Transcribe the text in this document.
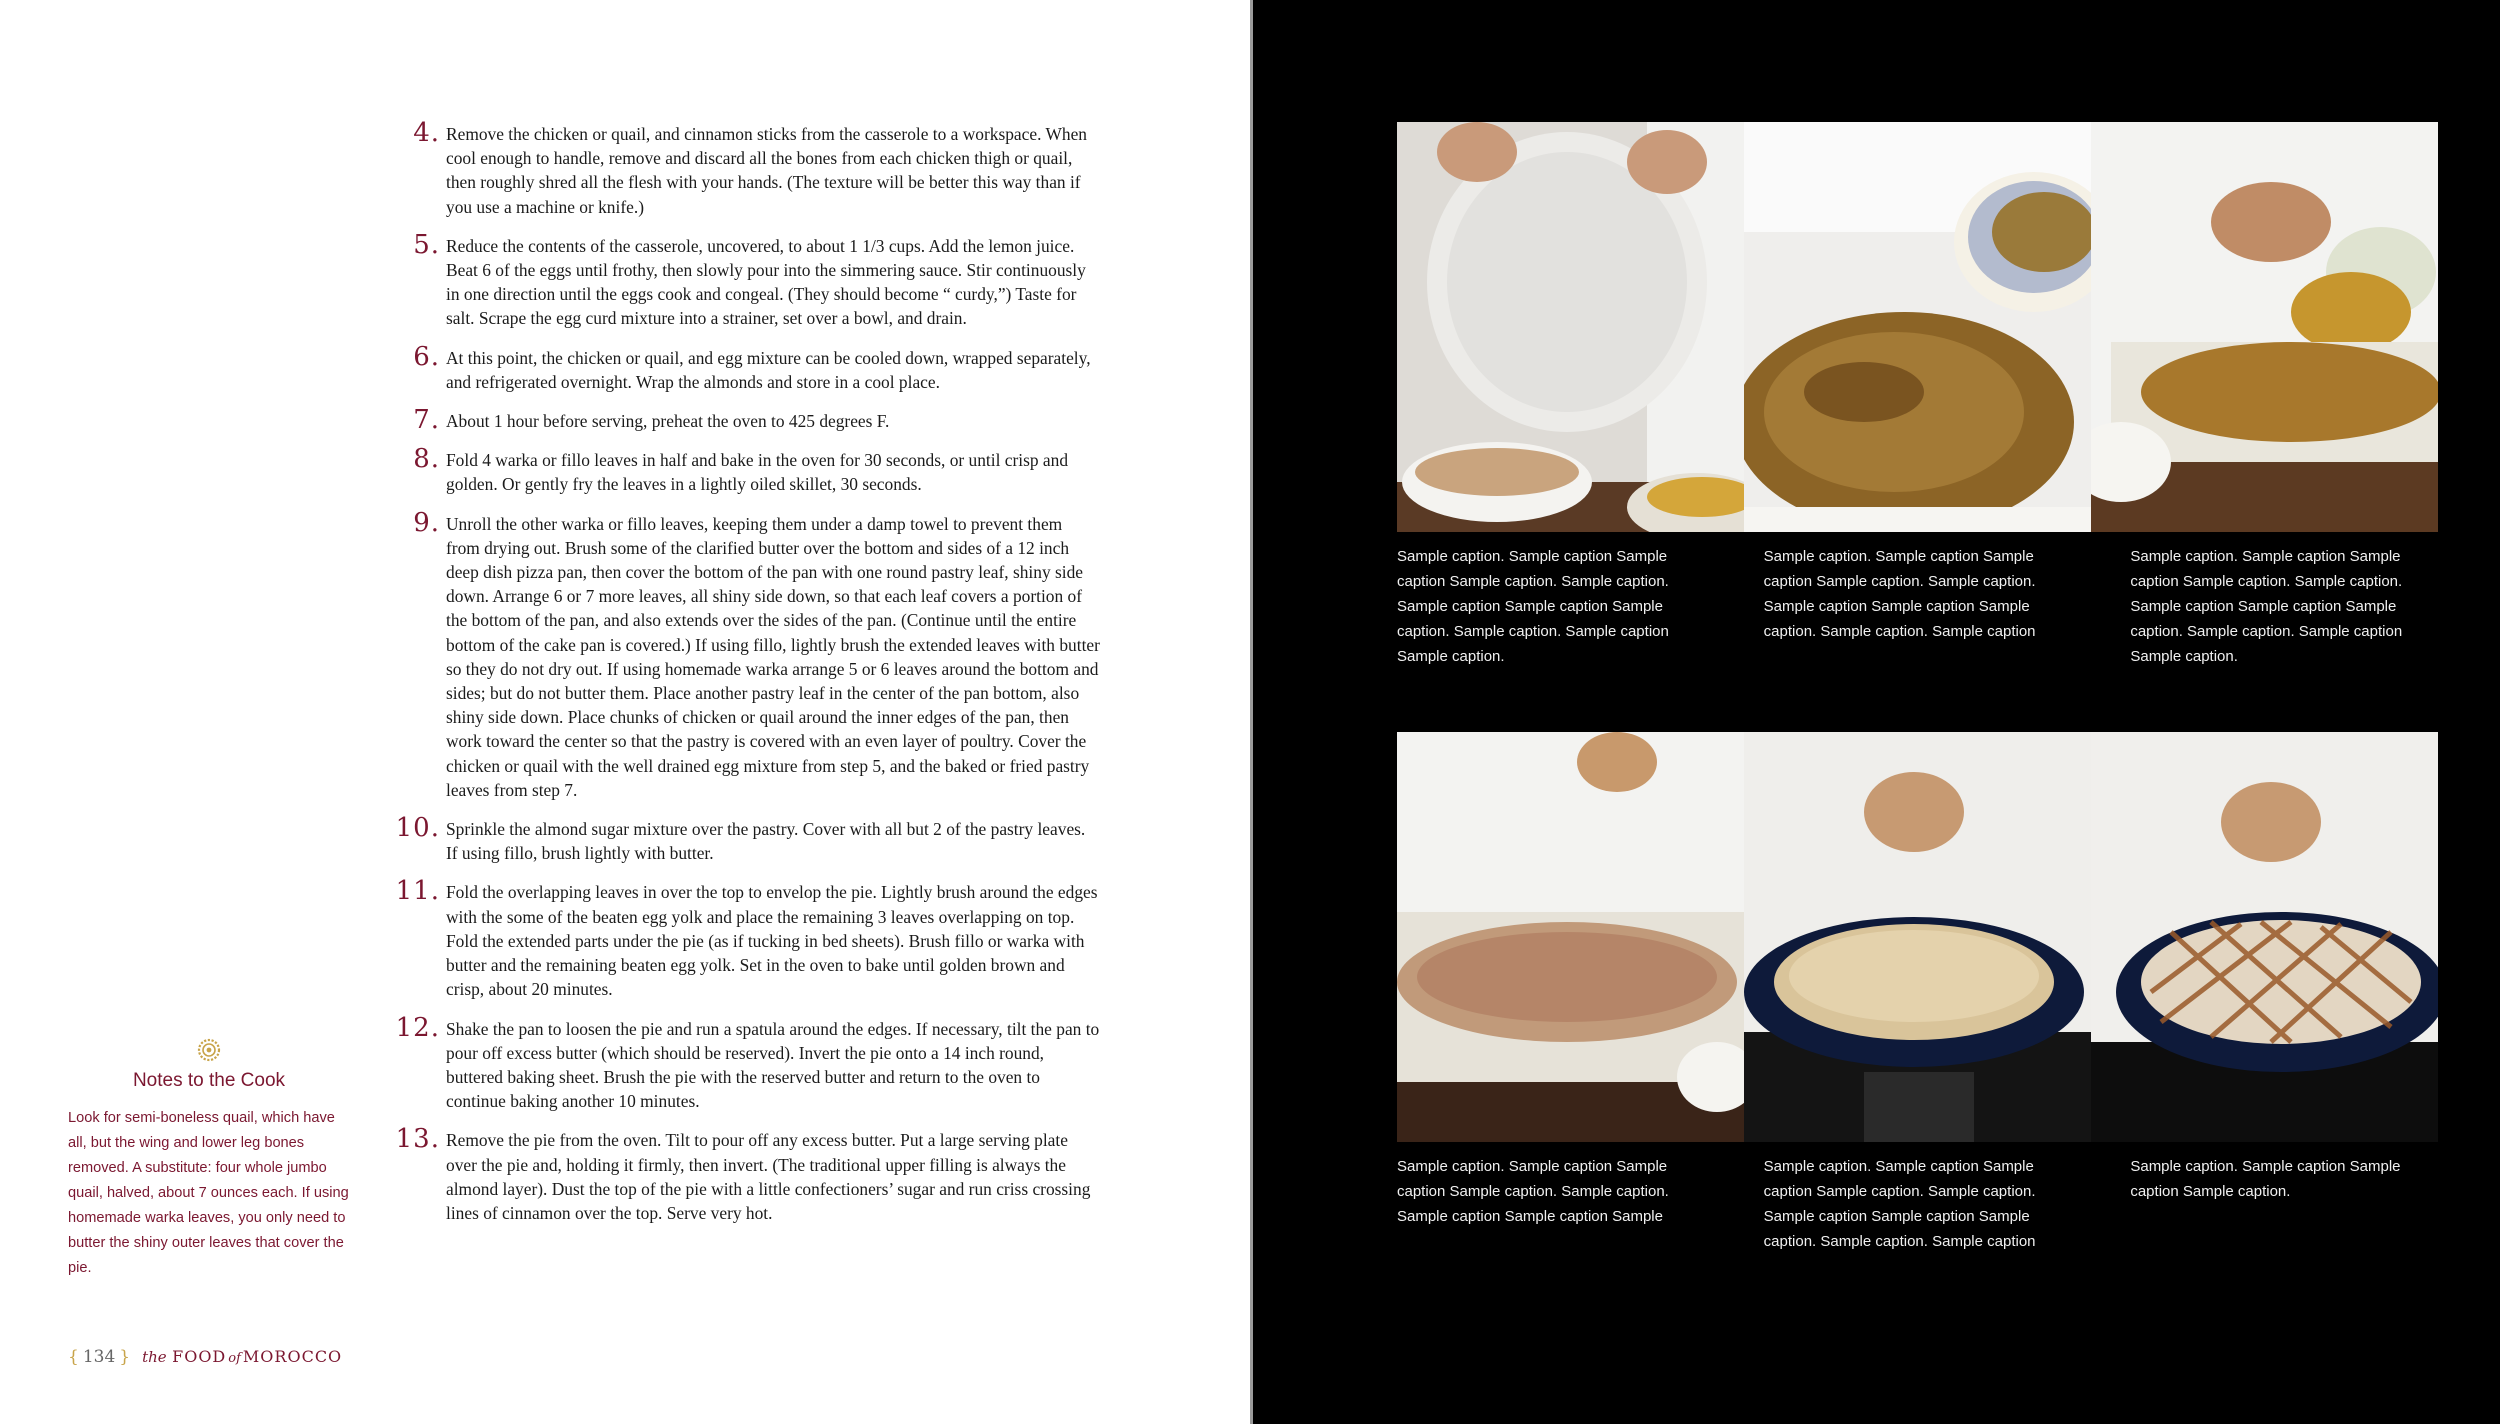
4. Remove the chicken or quail, and cinnamon sticks from the casserole to a workspace. When cool enough to handle, remove and discard all the bones from each chicken thigh or quail, then roughly shred all the flesh with your hands. (The texture will be better this way than if you use a machine or knife.)
5. Reduce the contents of the casserole, uncovered, to about 1 1/3 cups. Add the lemon juice. Beat 6 of the eggs until frothy, then slowly pour into the simmering sauce. Stir continuously in one direction until the eggs cook and congeal. (They should become “ curdy,”) Taste for salt. Scrape the egg curd mixture into a strainer, set over a bowl, and drain.
6. At this point, the chicken or quail, and egg mixture can be cooled down, wrapped separately, and refrigerated overnight. Wrap the almonds and store in a cool place.
7. About 1 hour before serving, preheat the oven to 425 degrees F.
8. Fold 4 warka or fillo leaves in half and bake in the oven for 30 seconds, or until crisp and golden. Or gently fry the leaves in a lightly oiled skillet, 30 seconds.
9. Unroll the other warka or fillo leaves, keeping them under a damp towel to prevent them from drying out. Brush some of the clarified butter over the bottom and sides of a 12 inch deep dish pizza pan, then cover the bottom of the pan with one round pastry leaf, shiny side down. Arrange 6 or 7 more leaves, all shiny side down, so that each leaf covers a portion of the bottom of the pan, and also extends over the sides of the pan. (Continue until the entire bottom of the cake pan is covered.) If using fillo, lightly brush the extended leaves with butter so they do not dry out. If using homemade warka arrange 5 or 6 leaves around the bottom and sides; but do not butter them. Place another pastry leaf in the center of the pan bottom, also shiny side down. Place chunks of chicken or quail around the inner edges of the pan, then work toward the center so that the pastry is covered with an even layer of poultry. Cover the chicken or quail with the well drained egg mixture from step 5, and the baked or fried pastry leaves from step 7.
10. Sprinkle the almond sugar mixture over the pastry. Cover with all but 2 of the pastry leaves. If using fillo, brush lightly with butter.
11. Fold the overlapping leaves in over the top to envelop the pie. Lightly brush around the edges with the some of the beaten egg yolk and place the remaining 3 leaves overlapping on top. Fold the extended parts under the pie (as if tucking in bed sheets). Brush fillo or warka with butter and the remaining beaten egg yolk. Set in the oven to bake until golden brown and crisp, about 20 minutes.
12. Shake the pan to loosen the pie and run a spatula around the edges. If necessary, tilt the pan to pour off excess butter (which should be reserved). Invert the pie onto a 14 inch round, buttered baking sheet. Brush the pie with the reserved butter and return to the oven to continue baking another 10 minutes.
13. Remove the pie from the oven. Tilt to pour off any excess butter. Put a large serving plate over the pie and, holding it firmly, then invert. (The traditional upper filling is always the almond layer). Dust the top of the pie with a little confectioners’ sugar and run criss crossing lines of cinnamon over the top. Serve very hot.
Notes to the Cook
Look for semi-boneless quail, which have all, but the wing and lower leg bones removed. A substitute: four whole jumbo quail, halved, about 7 ounces each. If using homemade warka leaves, you only need to butter the shiny outer leaves that cover the pie.
{ 134 } the FOOD of MOROCCO
Sample caption. Sample caption Sample caption Sample caption. Sample caption. Sample caption Sample caption Sample caption. Sample caption. Sample caption Sample caption.
Sample caption. Sample caption Sample caption Sample caption. Sample caption. Sample caption Sample caption Sample caption. Sample caption. Sample caption
Sample caption. Sample caption Sample caption Sample caption. Sample caption. Sample caption Sample caption Sample caption. Sample caption. Sample caption Sample caption.
Sample caption. Sample caption Sample caption Sample caption. Sample caption. Sample caption Sample caption Sample
Sample caption. Sample caption Sample caption Sample caption. Sample caption. Sample caption Sample caption Sample caption. Sample caption. Sample caption
Sample caption. Sample caption Sample caption Sample caption.
